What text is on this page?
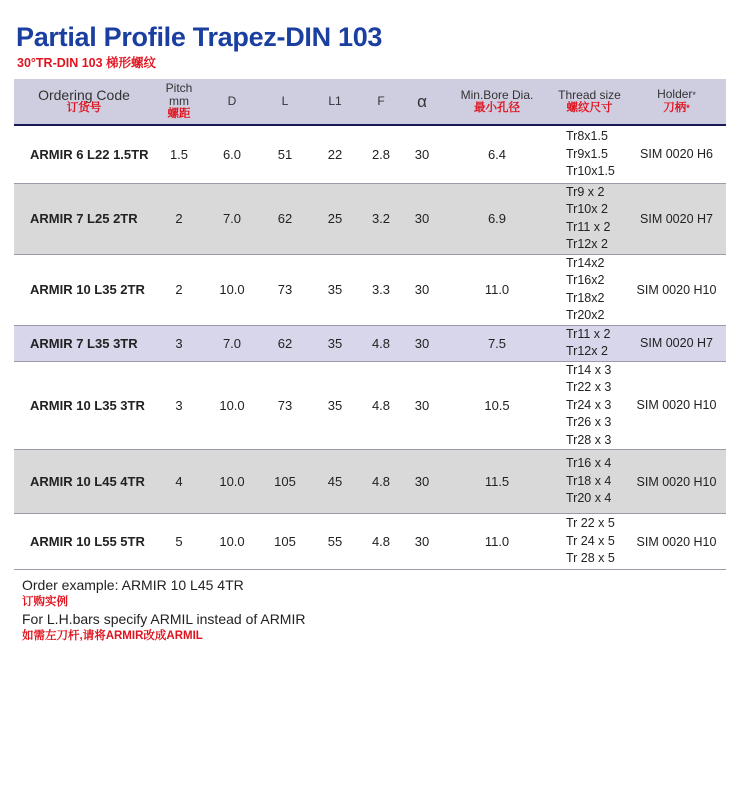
Partial Profile Trapez-DIN 103
30°TR-DIN 103 梯形螺纹
Ordering Code
订货号	Pitch
mm
螺距	D	L	L1	F	α	Min.Bore Dia.
最小孔径	Thread size
螺纹尺寸	Holder*
刀柄*

ARMIR 6 L22 1.5TR	1.5	6.0	51	22	2.8	30	6.4	Tr8x1.5
Tr9x1.5
Tr10x1.5	SIM 0020 H6
ARMIR 7 L25 2TR	2	7.0	62	25	3.2	30	6.9	Tr9 x 2
Tr10x 2
Tr11 x 2
Tr12x 2	SIM 0020 H7
ARMIR 10 L35 2TR	2	10.0	73	35	3.3	30	11.0	Tr14x2
Tr16x2
Tr18x2
Tr20x2	SIM 0020 H10
ARMIR 7 L35 3TR	3	7.0	62	35	4.8	30	7.5	Tr11 x 2
Tr12x 2	SIM 0020 H7
ARMIR 10 L35 3TR	3	10.0	73	35	4.8	30	10.5	Tr14 x 3
Tr22 x 3
Tr24 x 3
Tr26 x 3
Tr28 x 3	SIM 0020 H10
ARMIR 10 L45 4TR	4	10.0	105	45	4.8	30	11.5	Tr16 x 4
Tr18 x 4
Tr20 x 4	SIM 0020 H10
ARMIR 10 L55 5TR	5	10.0	105	55	4.8	30	11.0	Tr 22 x 5
Tr 24 x 5
Tr 28 x 5	SIM 0020 H10
Order example: ARMIR 10 L45 4TR
订购实例
For L.H.bars specify ARMIL instead of ARMIR
如需左刀杆,请将ARMIR改成ARMIL
